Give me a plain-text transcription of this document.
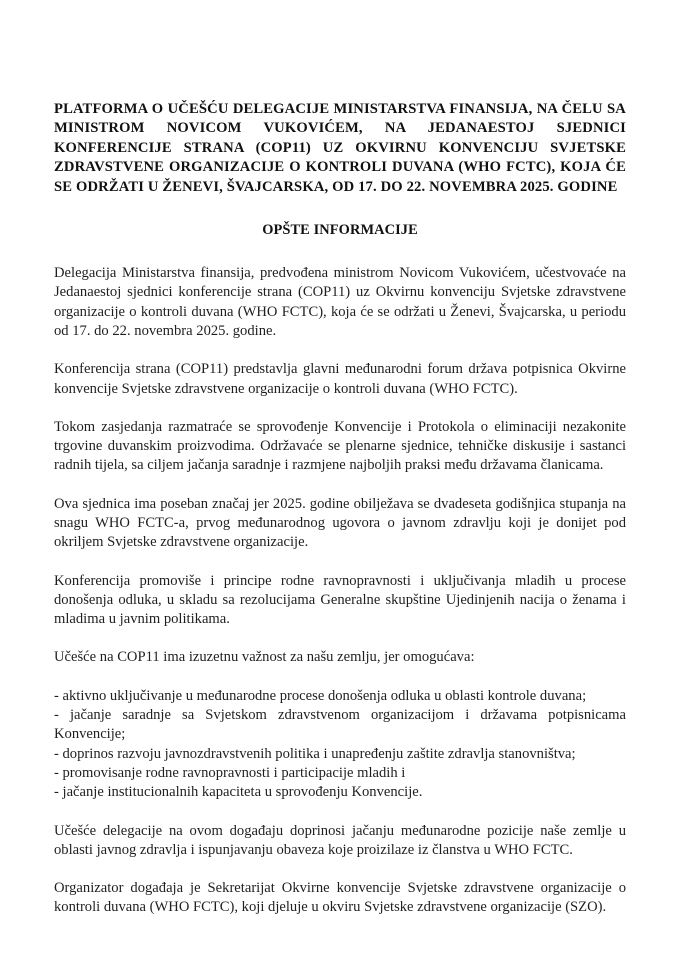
PLATFORMA O UČEŠĆU DELEGACIJE MINISTARSTVA FINANSIJA, NA ČELU SA MINISTROM NOVICOM VUKOVIĆEM, NA JEDANAESTOJ SJEDNICI KONFERENCIJE STRANA (COP11) UZ OKVIRNU KONVENCIJU SVJETSKE ZDRAVSTVENE ORGANIZACIJE O KONTROLI DUVANA (WHO FCTC), KOJA ĆE SE ODRŽATI U ŽENEVI, ŠVAJCARSKA, OD 17. DO 22. NOVEMBRA 2025. GODINE
OPŠTE INFORMACIJE

Delegacija Ministarstva finansija, predvođena ministrom Novicom Vukovićem, učestvovaće na Jedanaestoj sjednici konferencije strana (COP11) uz Okvirnu konvenciju Svjetske zdravstvene organizacije o kontroli duvana (WHO FCTC), koja će se održati u Ženevi, Švajcarska, u periodu od 17. do 22. novembra 2025. godine.

Konferencija strana (COP11) predstavlja glavni međunarodni forum država potpisnica Okvirne konvencije Svjetske zdravstvene organizacije o kontroli duvana (WHO FCTC).

Tokom zasjedanja razmatraće se sprovođenje Konvencije i Protokola o eliminaciji nezakonite trgovine duvanskim proizvodima. Održavaće se plenarne sjednice, tehničke diskusije i sastanci radnih tijela, sa ciljem jačanja saradnje i razmjene najboljih praksi među državama članicama.

Ova sjednica ima poseban značaj jer 2025. godine obilježava se dvadeseta godišnjica stupanja na snagu WHO FCTC-a, prvog međunarodnog ugovora o javnom zdravlju koji je donijet pod okriljem Svjetske zdravstvene organizacije.

Konferencija promoviše i principe rodne ravnopravnosti i uključivanja mladih u procese donošenja odluka, u skladu sa rezolucijama Generalne skupštine Ujedinjenih nacija o ženama i mladima u javnim politikama.

Učešće na COP11 ima izuzetnu važnost za našu zemlju, jer omogućava:

- aktivno uključivanje u međunarodne procese donošenja odluka u oblasti kontrole duvana;
- jačanje saradnje sa Svjetskom zdravstvenom organizacijom i državama potpisnicama Konvencije;
- doprinos razvoju javnozdravstvenih politika i unapređenju zaštite zdravlja stanovništva;
- promovisanje rodne ravnopravnosti i participacije mladih i
- jačanje institucionalnih kapaciteta u sprovođenju Konvencije.

Učešće delegacije na ovom događaju doprinosi jačanju međunarodne pozicije naše zemlje u oblasti javnog zdravlja i ispunjavanju obaveza koje proizilaze iz članstva u WHO FCTC.

Organizator događaja je Sekretarijat Okvirne konvencije Svjetske zdravstvene organizacije o kontroli duvana (WHO FCTC), koji djeluje u okviru Svjetske zdravstvene organizacije (SZO).
